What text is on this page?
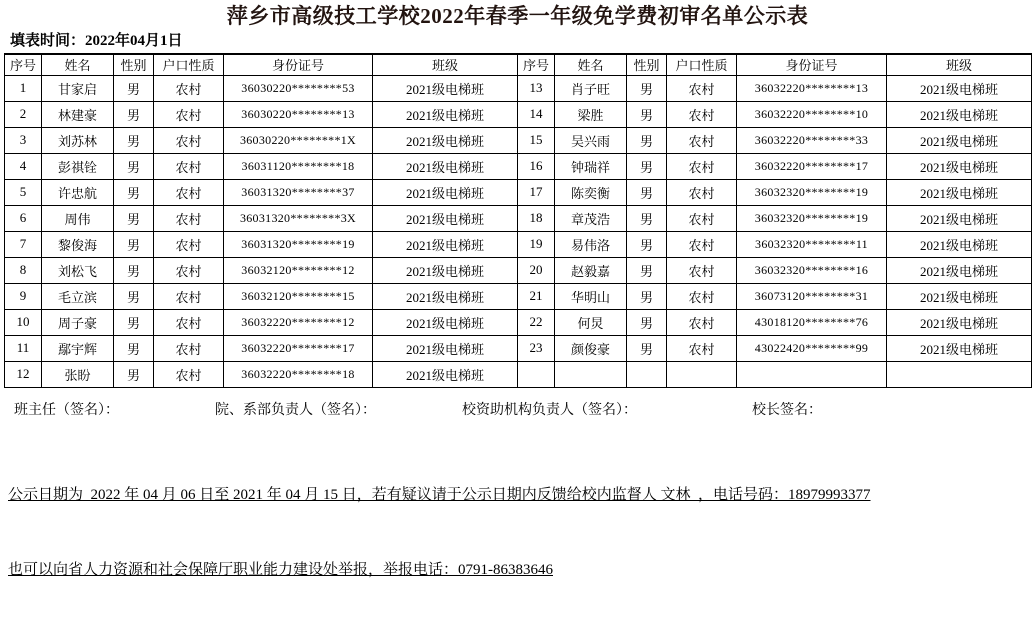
萍乡市高级技工学校2022年春季一年级免学费初审名单公示表
填表时间：2022年04月1日
序号	姓名	性别	户口性质	身份证号	班级	序号	姓名	性别	户口性质	身份证号	班级
1	甘家启	男	农村	36030220********53	2021级电梯班	13	肖子旺	男	农村	36032220********13	2021级电梯班
2	林建豪	男	农村	36030220********13	2021级电梯班	14	梁胜	男	农村	36032220********10	2021级电梯班
3	刘苏林	男	农村	36030220********1X	2021级电梯班	15	吴兴雨	男	农村	36032220********33	2021级电梯班
4	彭祺铨	男	农村	36031120********18	2021级电梯班	16	钟瑞祥	男	农村	36032220********17	2021级电梯班
5	许忠航	男	农村	36031320********37	2021级电梯班	17	陈奕衡	男	农村	36032320********19	2021级电梯班
6	周伟	男	农村	36031320********3X	2021级电梯班	18	章茂浩	男	农村	36032320********19	2021级电梯班
7	黎俊海	男	农村	36031320********19	2021级电梯班	19	易伟洛	男	农村	36032320********11	2021级电梯班
8	刘松飞	男	农村	36032120********12	2021级电梯班	20	赵毅嘉	男	农村	36032320********16	2021级电梯班
9	毛立滨	男	农村	36032120********15	2021级电梯班	21	华明山	男	农村	36073120********31	2021级电梯班
10	周子豪	男	农村	36032220********12	2021级电梯班	22	何炅	男	农村	43018120********76	2021级电梯班
11	鄢宇辉	男	农村	36032220********17	2021级电梯班	23	颜俊豪	男	农村	43022420********99	2021级电梯班
12	张盼	男	农村	36032220********18	2021级电梯班						
班主任（签名）：	院、系部负责人（签名）：	校资助机构负责人（签名）：	校长签名：

公示日期为  2022 年 04 月 06 日至 2021 年 04 月 15 日，若有疑议请于公示日期内反馈给校内监督人 文林  ，电话号码：18979993377

也可以向省人力资源和社会保障厅职业能力建设处举报，举报电话：0791-86383646
